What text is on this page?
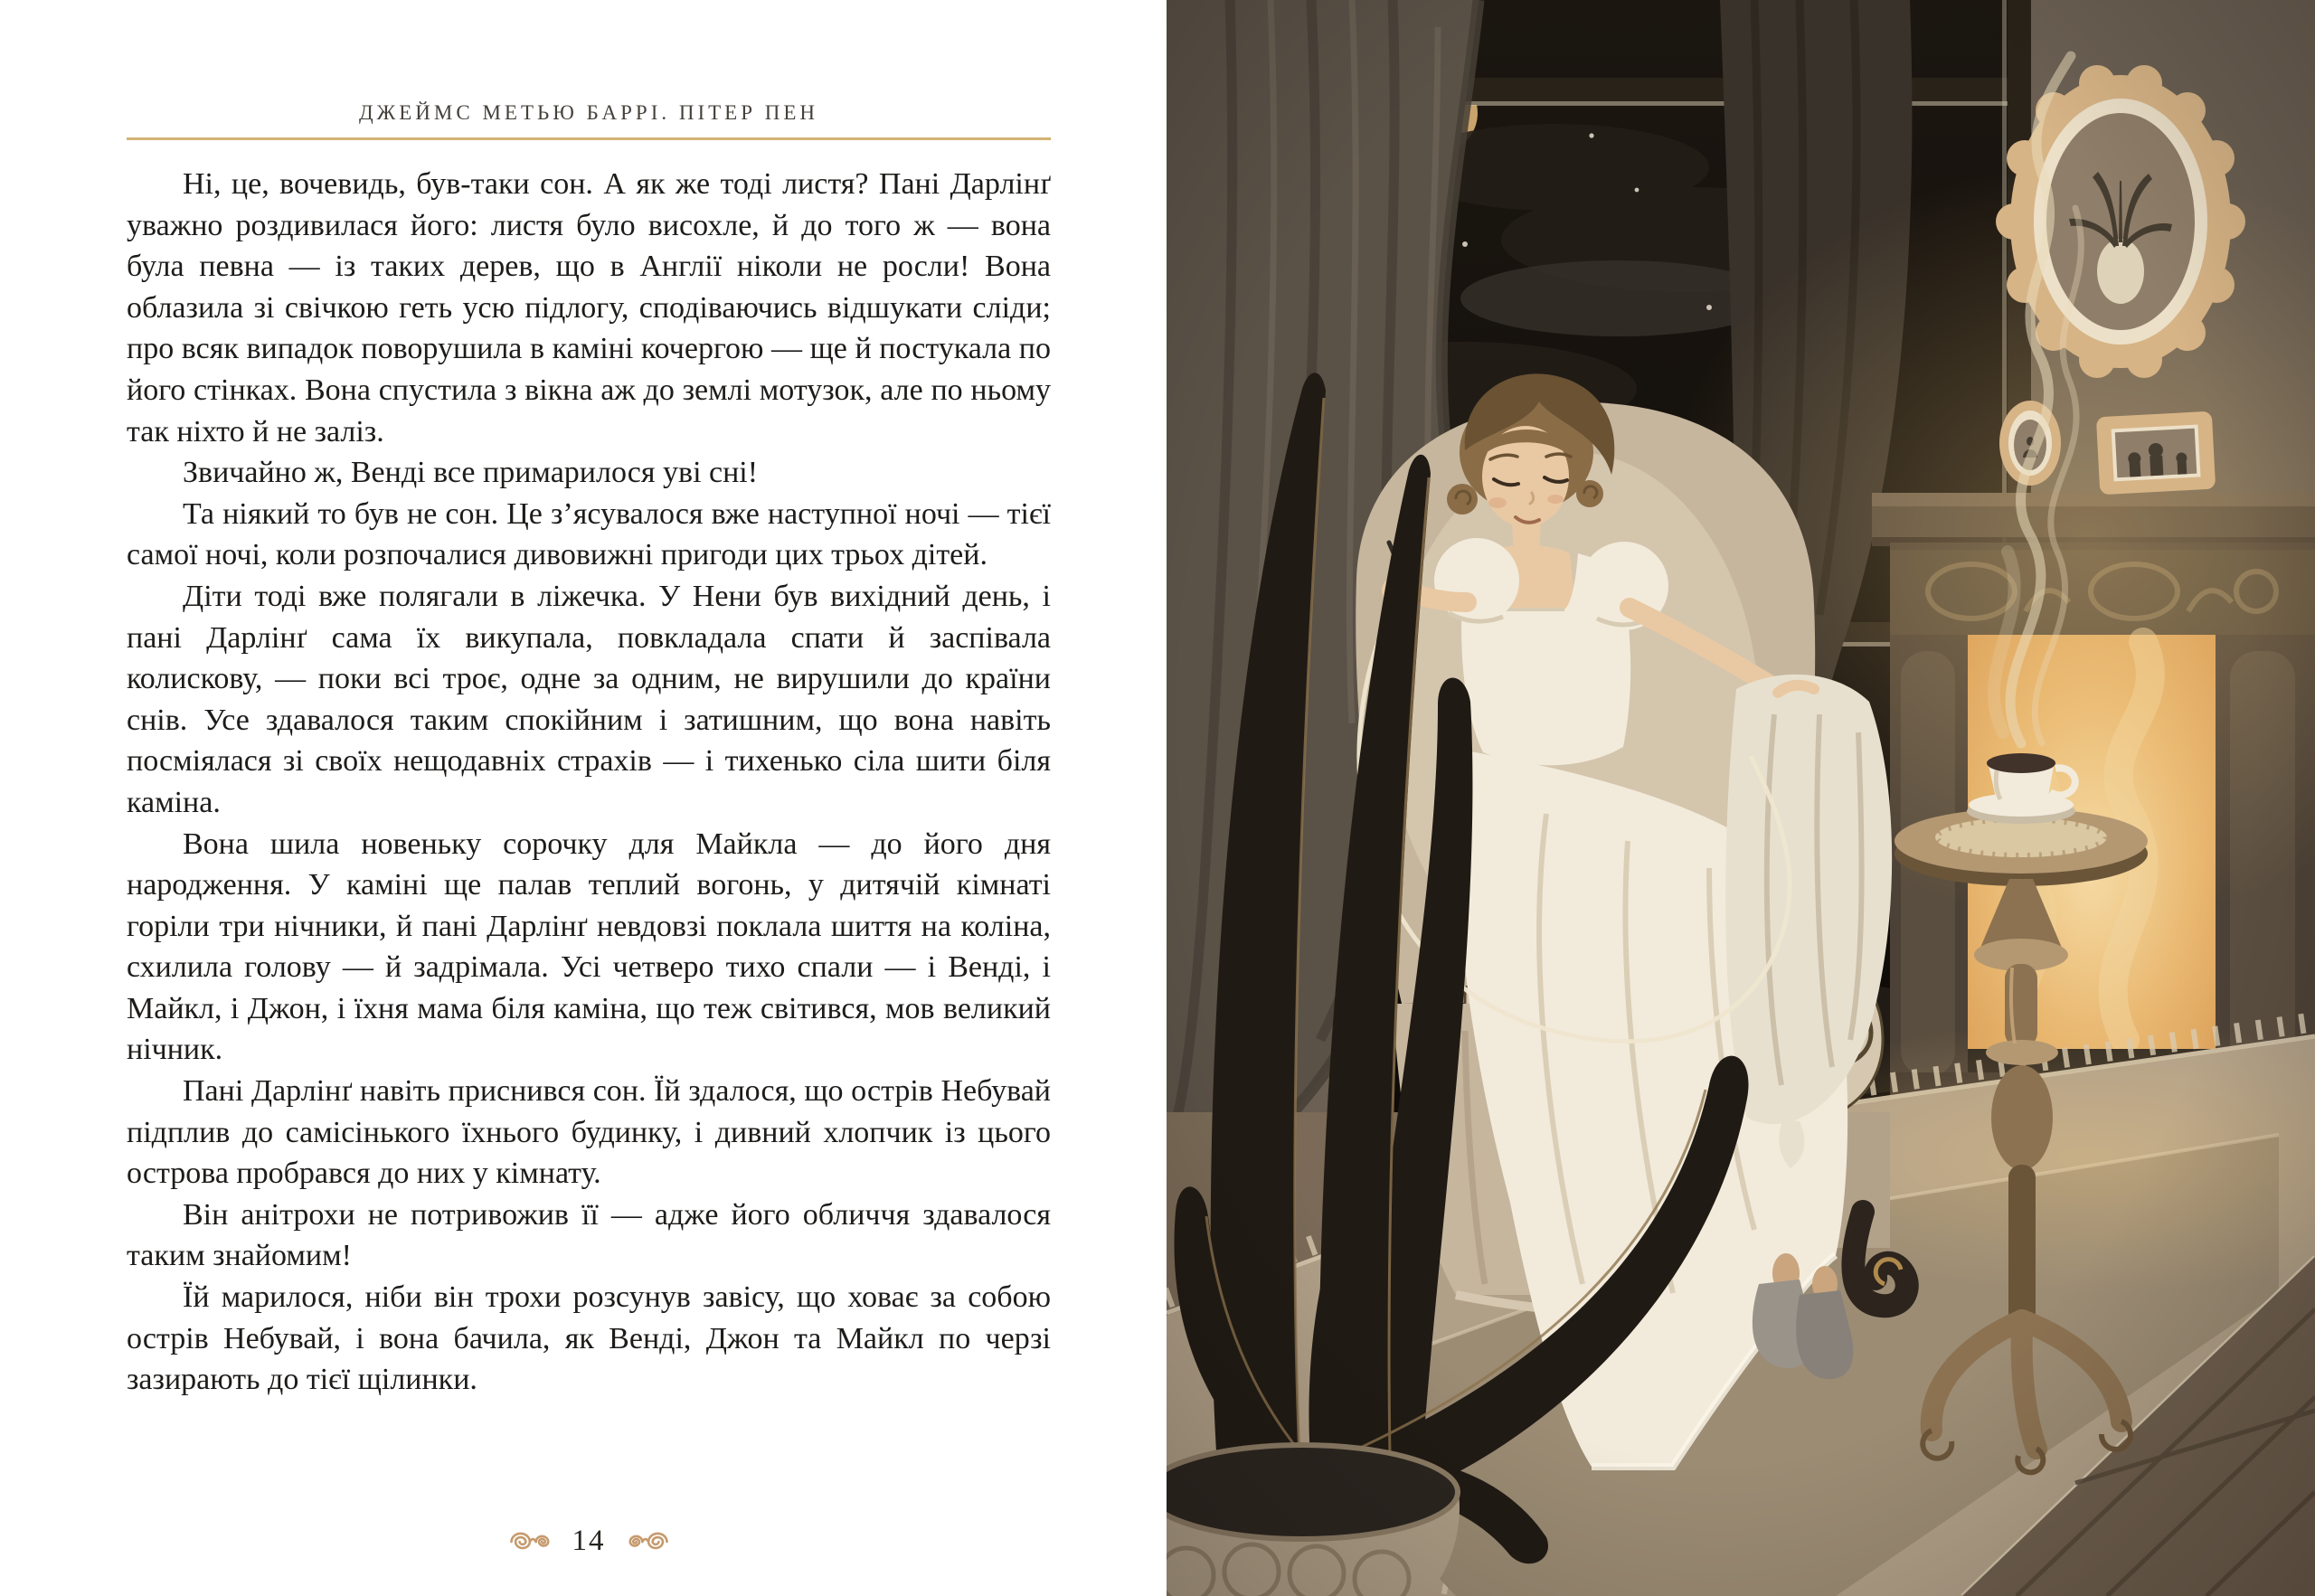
ДЖЕЙМС МЕТЬЮ БАРРІ. ПІТЕР ПЕН

Ні, це, вочевидь, був-таки сон. А як же тоді листя? Пані Дарлінґ уважно роздивилася його: листя було висохле, й до того ж — вона була певна — із таких дерев, що в Англії ніколи не росли! Вона облазила зі свічкою геть усю підлогу, сподіваючись відшукати сліди; про всяк випадок поворушила в каміні кочергою — ще й постукала по його стінках. Вона спустила з вікна аж до землі мотузок, але по ньому так ніхто й не заліз.

Звичайно ж, Венді все примарилося уві сні!

Та ніякий то був не сон. Це з’ясувалося вже наступної ночі — тієї самої ночі, коли розпочалися дивовижні пригоди цих трьох дітей.

Діти тоді вже полягали в ліжечка. У Нени був вихідний день, і пані Дарлінґ сама їх викупала, повкладала спати й заспівала колискову, — поки всі троє, одне за одним, не вирушили до країни снів. Усе здавалося таким спокійним і затишним, що вона навіть посміялася зі своїх нещодавніх страхів — і тихенько сіла шити біля каміна.

Вона шила новеньку сорочку для Майкла — до його дня народження. У каміні ще палав теплий вогонь, у дитячій кімнаті горіли три нічники, й пані Дарлінґ невдовзі поклала шиття на коліна, схилила голову — й задрімала. Усі четверо тихо спали — і Венді, і Майкл, і Джон, і їхня мама біля каміна, що теж світився, мов великий нічник.

Пані Дарлінґ навіть приснився сон. Їй здалося, що острів Небувай підплив до самісінького їхнього будинку, і дивний хлопчик із цього острова пробрався до них у кімнату.

Він анітрохи не потривожив її — адже його обличчя здавалося таким знайомим!

Їй марилося, ніби він трохи розсунув завісу, що ховає за собою острів Небувай, і вона бачила, як Венді, Джон та Майкл по черзі зазирають до тієї щілинки.

14
